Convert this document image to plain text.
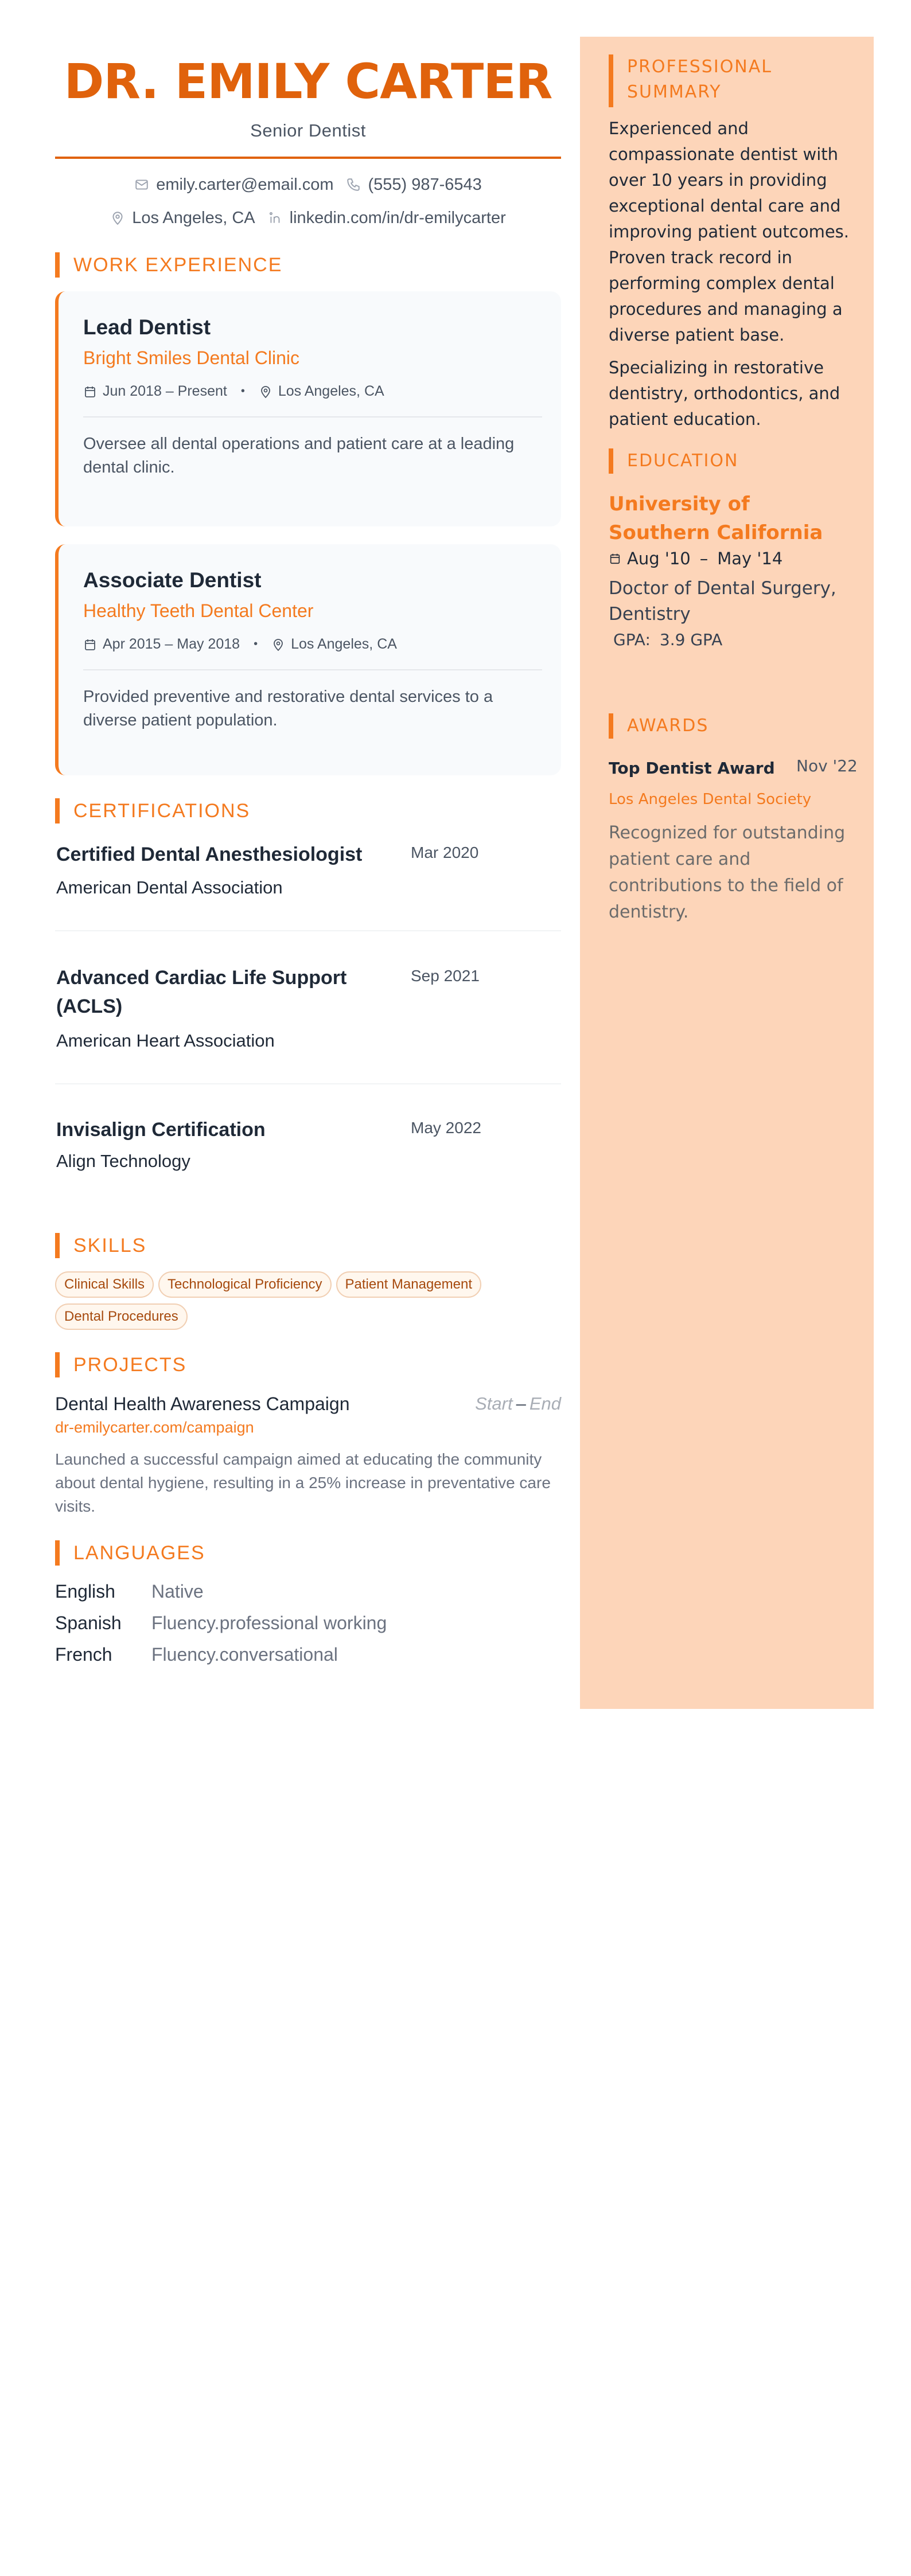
DR. EMILY CARTER
Senior Dentist
emily.carter@email.com (555) 987-6543
Los Angeles, CA linkedin.com/in/dr-emilycarter
WORK EXPERIENCE
Lead Dentist
Bright Smiles Dental Clinic
Jun 2018 – Present • Los Angeles, CA
Oversee all dental operations and patient care at a leading dental clinic.
Associate Dentist
Healthy Teeth Dental Center
Apr 2015 – May 2018 • Los Angeles, CA
Provided preventive and restorative dental services to a diverse patient population.
CERTIFICATIONS
Certified Dental Anesthesiologist	Mar 2020
American Dental Association
Advanced Cardiac Life Support (ACLS)
Sep 2021
American Heart Association
Invisalign Certification	May 2022
Align Technology
SKILLS
Clinical Skills	Technological Proficiency	Patient Management
Dental Procedures
PROJECTS
Dental Health Awareness Campaign	Start – End
dr-emilycarter.com/campaign
Launched a successful campaign aimed at educating the community about dental hygiene, resulting in a 25% increase in preventative care visits.
LANGUAGES
English	Native
Spanish	Fluency.professional working
French	Fluency.conversational
PROFESSIONAL SUMMARY
Experienced and compassionate dentist with over 10 years in providing exceptional dental care and improving patient outcomes. Proven track record in performing complex dental procedures and managing a diverse patient base.
Specializing in restorative dentistry, orthodontics, and patient education.
EDUCATION
University of Southern California
Aug '10 – May '14
Doctor of Dental Surgery, Dentistry
GPA: 3.9 GPA
AWARDS
Top Dentist Award Nov '22
Los Angeles Dental Society
Recognized for outstanding patient care and contributions to the field of dentistry.
